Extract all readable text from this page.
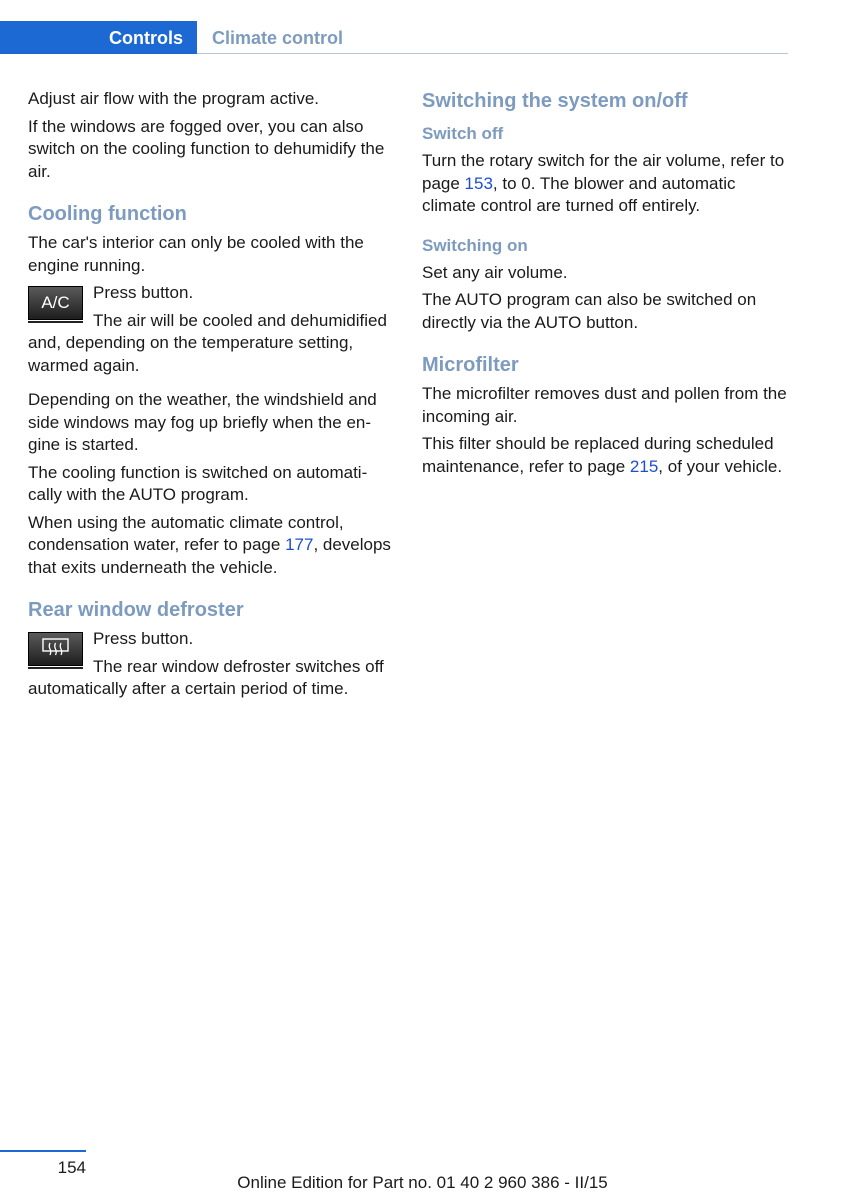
Controls	Climate control

Adjust air flow with the program active.

If the windows are fogged over, you can also switch on the cooling function to dehumidify the air.

Cooling function

The car's interior can only be cooled with the engine running.

A/C

Press button.

The air will be cooled and dehumidified and, depending on the temperature setting, warmed again.

Depending on the weather, the windshield and side windows may fog up briefly when the engine is started.

The cooling function is switched on automatically with the AUTO program.

When using the automatic climate control, condensation water, refer to page 177, develops that exits underneath the vehicle.

Rear window defroster

Press button.

The rear window defroster switches off automatically after a certain period of time.

Switching the system on/off
Switch off

Turn the rotary switch for the air volume, refer to page 153, to 0. The blower and automatic climate control are turned off entirely.

Switching on

Set any air volume.

The AUTO program can also be switched on directly via the AUTO button.

Microfilter

The microfilter removes dust and pollen from the incoming air.

This filter should be replaced during scheduled maintenance, refer to page 215, of your vehicle.

154
Online Edition for Part no. 01 40 2 960 386 - II/15
